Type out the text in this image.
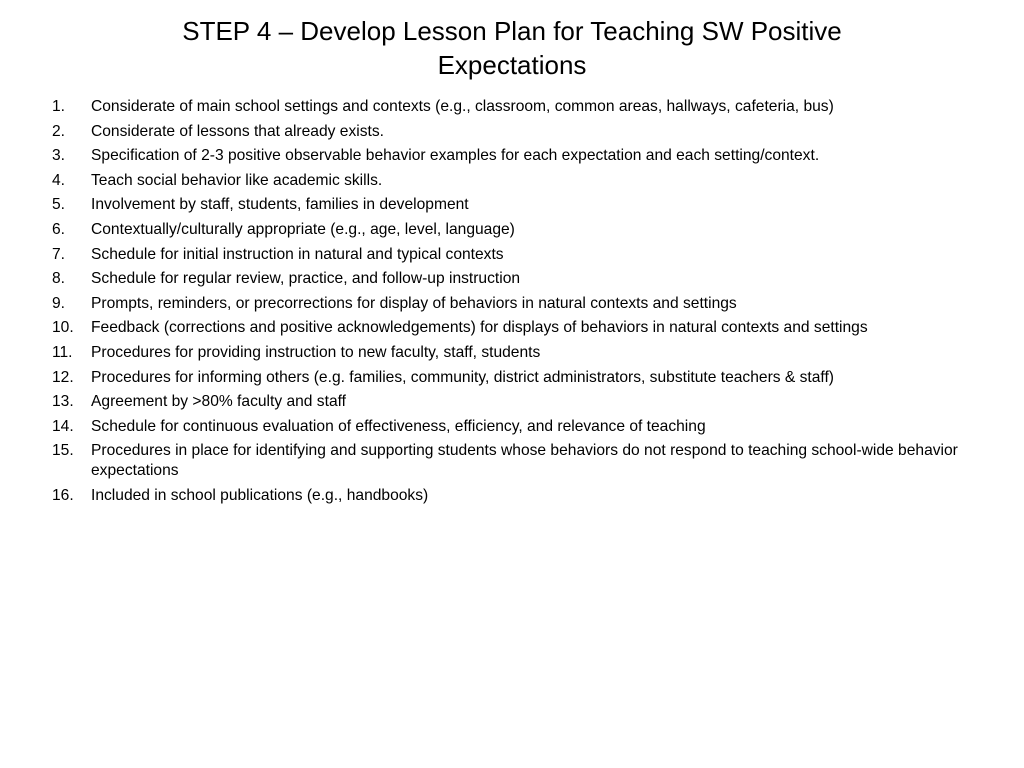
STEP 4 – Develop Lesson Plan for Teaching SW Positive
Expectations
1.	Considerate of main school settings and contexts (e.g., classroom, common areas, hallways, cafeteria, bus)
2.	Considerate of lessons that already exists.
3.	Specification of 2-3 positive observable behavior examples for each expectation and each setting/context.
4.	Teach social behavior like academic skills.
5.	Involvement by staff, students, families in development
6.	Contextually/culturally appropriate (e.g., age, level, language)
7.	Schedule for initial instruction in natural and typical contexts
8.	Schedule for regular review, practice, and follow-up instruction
9.	Prompts, reminders, or precorrections for display of behaviors in natural contexts and settings
10.	Feedback (corrections and positive acknowledgements) for displays of behaviors in natural contexts and settings
11.	Procedures for providing instruction to new faculty, staff, students
12.	Procedures for informing others (e.g. families, community, district administrators, substitute teachers & staff)
13.	Agreement by >80% faculty and staff
14.	Schedule for continuous evaluation of effectiveness, efficiency, and relevance of teaching
15.	Procedures in place for identifying and supporting students whose behaviors do not respond to teaching school-wide behavior expectations
16.	Included in school publications (e.g., handbooks)
